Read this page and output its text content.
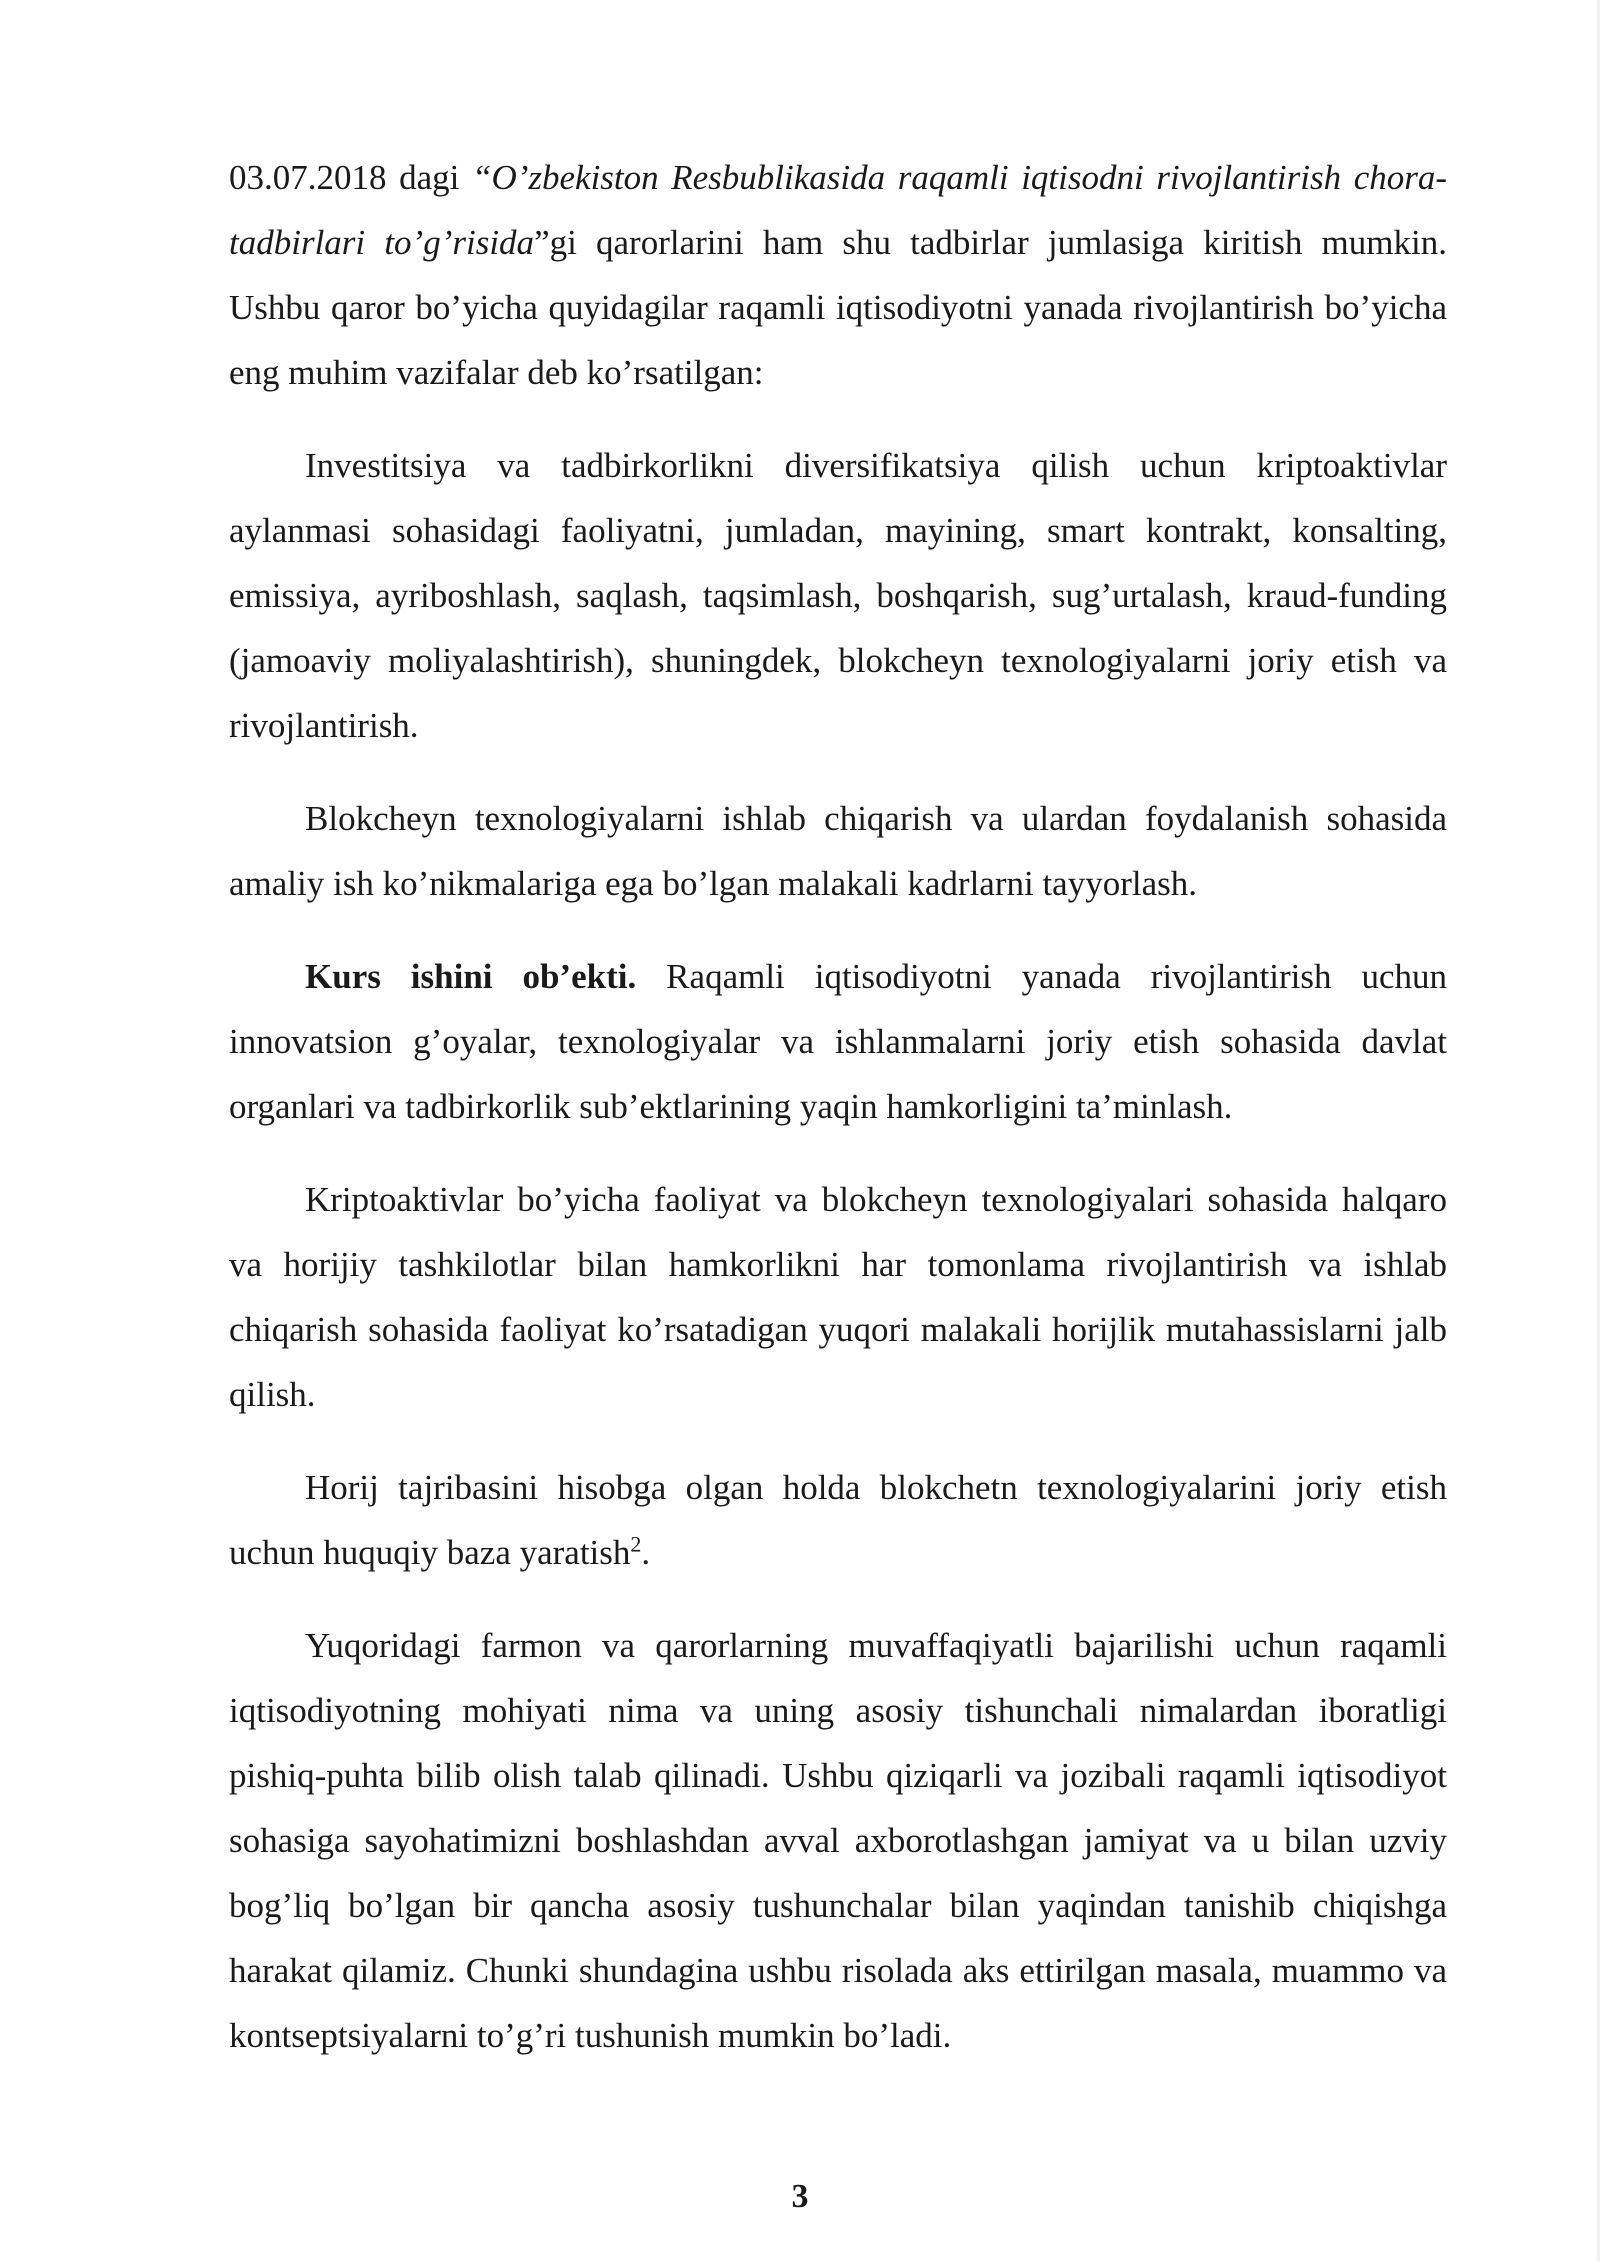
03.07.2018 dagi “O’zbekiston Resbublikasida raqamli iqtisodni rivojlantirish chora-tadbirlari to’g’risida”gi qarorlarini ham shu tadbirlar jumlasiga kiritish mumkin. Ushbu qaror bo’yicha quyidagilar raqamli iqtisodiyotni yanada rivojlantirish bo’yicha eng muhim vazifalar deb ko’rsatilgan:

Investitsiya va tadbirkorlikni diversifikatsiya qilish uchun kriptoaktivlar aylanmasi sohasidagi faoliyatni, jumladan, mayining, smart kontrakt, konsalting, emissiya, ayriboshlash, saqlash, taqsimlash, boshqarish, sug’urtalash, kraud-funding (jamoaviy moliyalashtirish), shuningdek, blokcheyn texnologiyalarni joriy etish va rivojlantirish.

Blokcheyn texnologiyalarni ishlab chiqarish va ulardan foydalanish sohasida amaliy ish ko’nikmalariga ega bo’lgan malakali kadrlarni tayyorlash.

Kurs ishini ob’ekti. Raqamli iqtisodiyotni yanada rivojlantirish uchun innovatsion g’oyalar, texnologiyalar va ishlanmalarni joriy etish sohasida davlat organlari va tadbirkorlik sub’ektlarining yaqin hamkorligini ta’minlash.

Kriptoaktivlar bo’yicha faoliyat va blokcheyn texnologiyalari sohasida halqaro va horijiy tashkilotlar bilan hamkorlikni har tomonlama rivojlantirish va ishlab chiqarish sohasida faoliyat ko’rsatadigan yuqori malakali horijlik mutahassislarni jalb qilish.

Horij tajribasini hisobga olgan holda blokchetn texnologiyalarini joriy etish uchun huquqiy baza yaratish$^2$.

Yuqoridagi farmon va qarorlarning muvaffaqiyatli bajarilishi uchun raqamli iqtisodiyotning mohiyati nima va uning asosiy tishunchali nimalardan iboratligi pishiq-puhta bilib olish talab qilinadi. Ushbu qiziqarli va jozibali raqamli iqtisodiyot sohasiga sayohatimizni boshlashdan avval axborotlashgan jamiyat va u bilan uzviy bog’liq bo’lgan bir qancha asosiy tushunchalar bilan yaqindan tanishib chiqishga harakat qilamiz. Chunki shundagina ushbu risolada aks ettirilgan masala, muammo va kontseptsiyalarni to’g’ri tushunish mumkin bo’ladi.

3
